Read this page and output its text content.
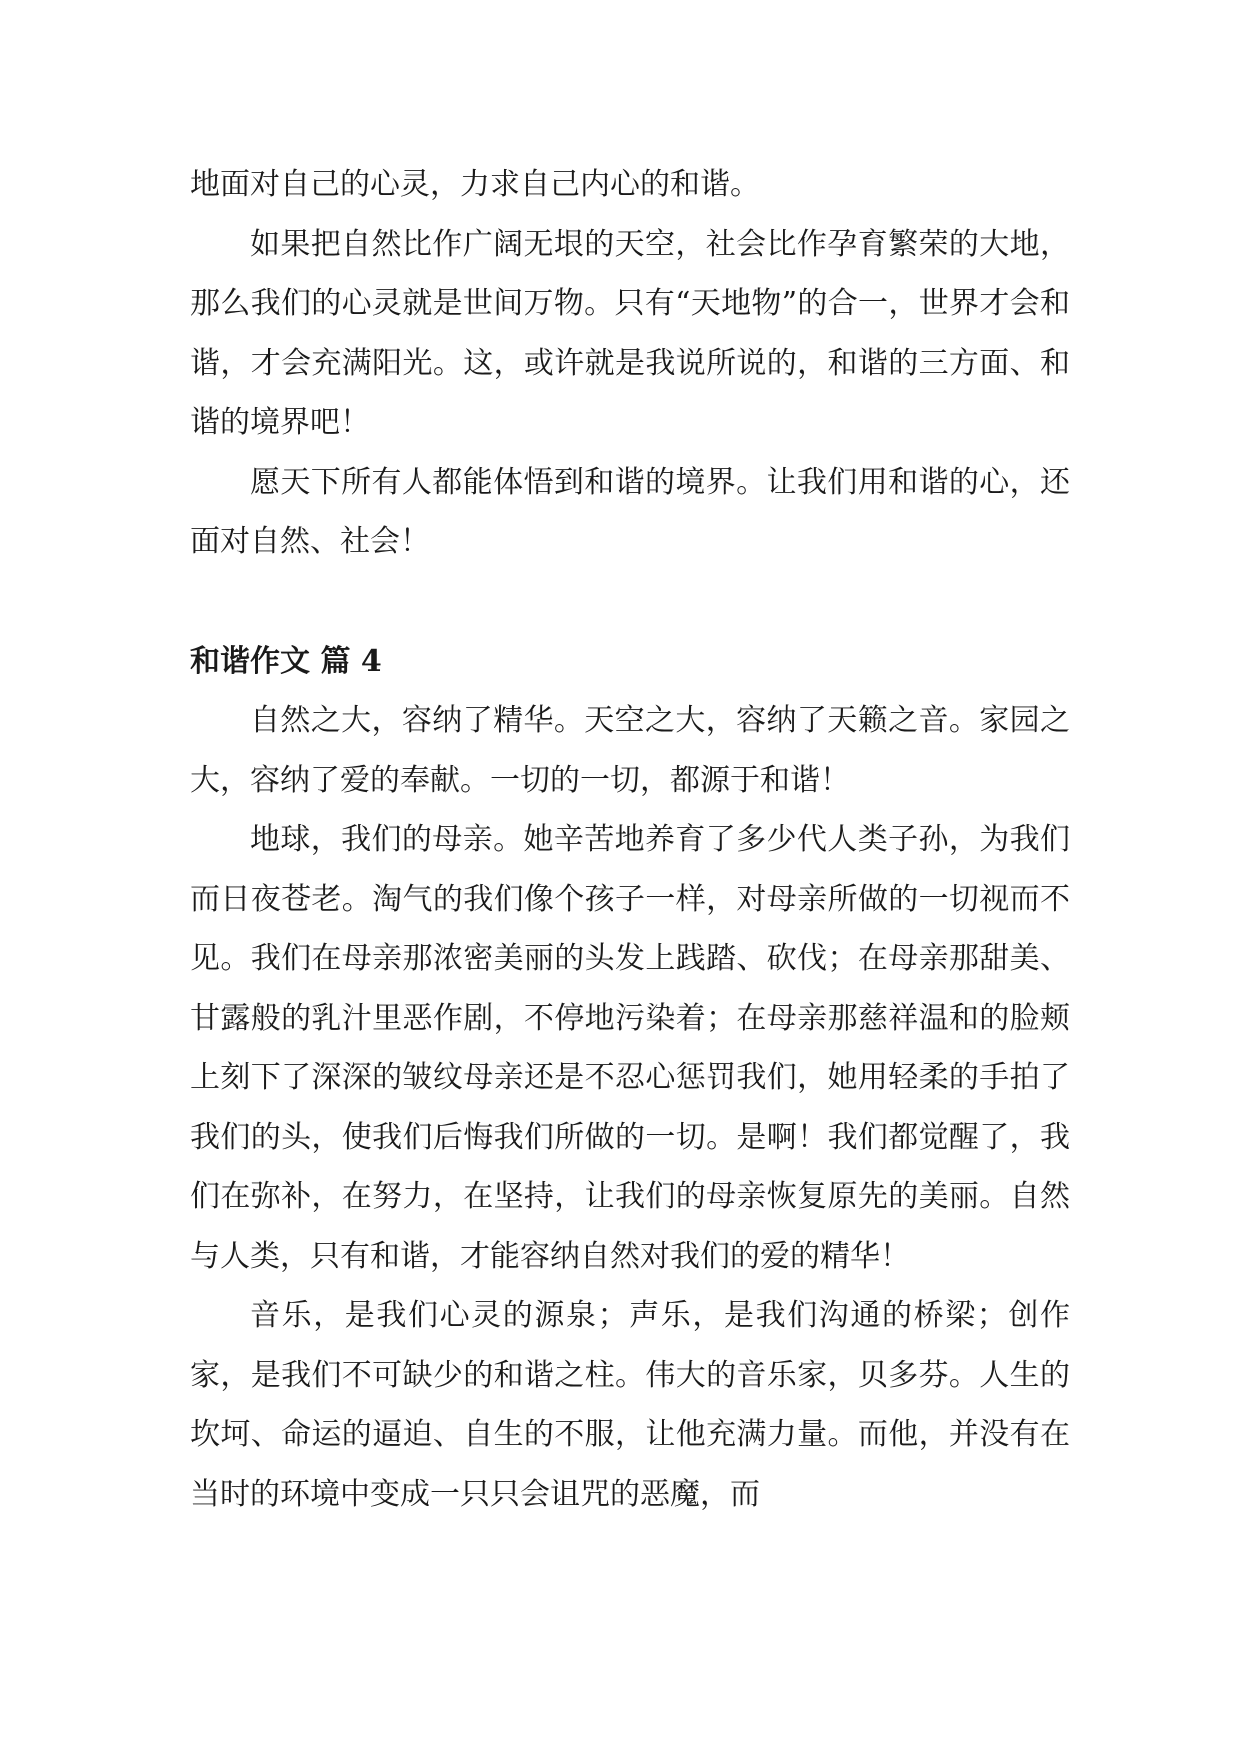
地面对自己的心灵，力求自己内心的和谐。

如果把自然比作广阔无垠的天空，社会比作孕育繁荣的大地，那么我们的心灵就是世间万物。只有“天地物”的合一，世界才会和谐，才会充满阳光。这，或许就是我说所说的，和谐的三方面、和谐的境界吧！

愿天下所有人都能体悟到和谐的境界。让我们用和谐的心，还面对自然、社会！

和谐作文 篇 4

自然之大，容纳了精华。天空之大，容纳了天籁之音。家园之大，容纳了爱的奉献。一切的一切，都源于和谐！

地球，我们的母亲。她辛苦地养育了多少代人类子孙，为我们而日夜苍老。淘气的我们像个孩子一样，对母亲所做的一切视而不见。我们在母亲那浓密美丽的头发上践踏、砍伐；在母亲那甜美、甘露般的乳汁里恶作剧，不停地污染着；在母亲那慈祥温和的脸颊上刻下了深深的皱纹母亲还是不忍心惩罚我们，她用轻柔的手拍了我们的头，使我们后悔我们所做的一切。是啊！我们都觉醒了，我们在弥补，在努力，在坚持，让我们的母亲恢复原先的美丽。自然与人类，只有和谐，才能容纳自然对我们的爱的精华！

音乐，是我们心灵的源泉；声乐，是我们沟通的桥梁；创作家，是我们不可缺少的和谐之柱。伟大的音乐家，贝多芬。人生的坎坷、命运的逼迫、自生的不服，让他充满力量。而他，并没有在当时的环境中变成一只只会诅咒的恶魔，而
